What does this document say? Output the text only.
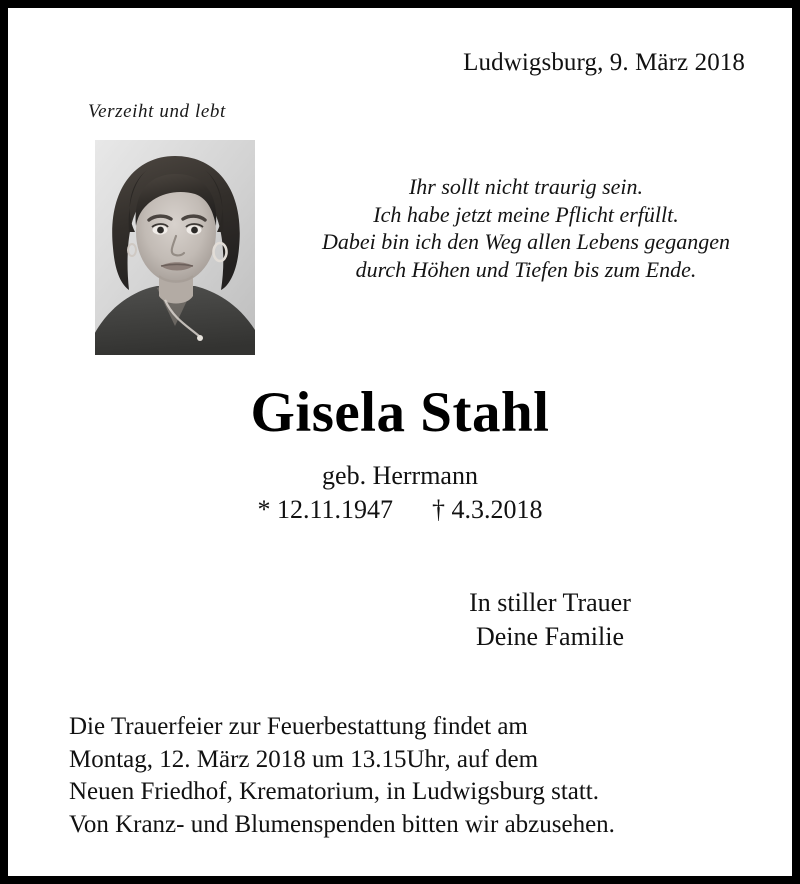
Ludwigsburg, 9. März 2018
Verzeiht und lebt
Ihr sollt nicht traurig sein.
Ich habe jetzt meine Pflicht erfüllt.
Dabei bin ich den Weg allen Lebens gegangen
durch Höhen und Tiefen bis zum Ende.
Gisela Stahl
geb. Herrmann
* 12.11.1947 † 4.3.2018
In stiller Trauer
Deine Familie
Die Trauerfeier zur Feuerbestattung findet am
Montag, 12. März 2018 um 13.15Uhr, auf dem
Neuen Friedhof, Krematorium, in Ludwigsburg statt.
Von Kranz- und Blumenspenden bitten wir abzusehen.
